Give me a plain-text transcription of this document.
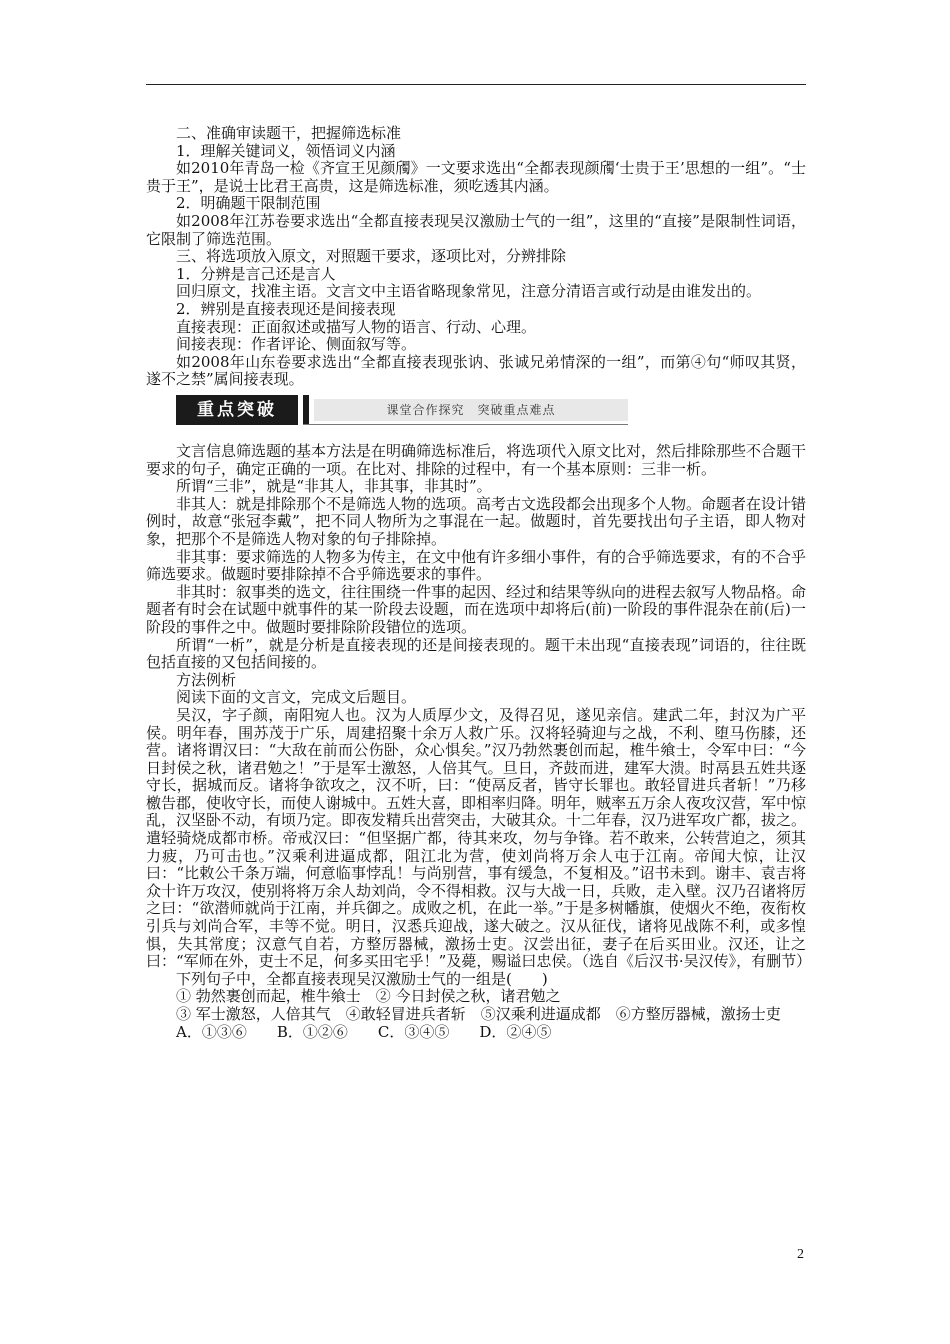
二、准确审读题干，把握筛选标准

1．理解关键词义，领悟词义内涵

如2010年青岛一检《齐宣王见颜斶》一文要求选出“全都表现颜斶‘士贵于王’思想的一组”。“士贵于王”，是说士比君王高贵，这是筛选标准，须吃透其内涵。

2．明确题干限制范围

如2008年江苏卷要求选出“全都直接表现吴汉激励士气的一组”，这里的“直接”是限制性词语，它限制了筛选范围。

三、将选项放入原文，对照题干要求，逐项比对，分辨排除

1．分辨是言己还是言人

回归原文，找准主语。文言文中主语省略现象常见，注意分清语言或行动是由谁发出的。

2．辨别是直接表现还是间接表现

直接表现：正面叙述或描写人物的语言、行动、心理。

间接表现：作者评论、侧面叙写等。

如2008年山东卷要求选出“全都直接表现张讷、张诚兄弟情深的一组”，而第④句“师叹其贤，遂不之禁”属间接表现。

重点突破	课堂合作探究　突破重点难点

文言信息筛选题的基本方法是在明确筛选标准后，将选项代入原文比对，然后排除那些不合题干要求的句子，确定正确的一项。在比对、排除的过程中，有一个基本原则：三非一析。

所谓“三非”，就是“非其人，非其事，非其时”。

非其人：就是排除那个不是筛选人物的选项。高考古文选段都会出现多个人物。命题者在设计错例时，故意“张冠李戴”，把不同人物所为之事混在一起。做题时，首先要找出句子主语，即人物对象，把那个不是筛选人物对象的句子排除掉。

非其事：要求筛选的人物多为传主，在文中他有许多细小事件，有的合乎筛选要求，有的不合乎筛选要求。做题时要排除掉不合乎筛选要求的事件。

非其时：叙事类的选文，往往围绕一件事的起因、经过和结果等纵向的进程去叙写人物品格。命题者有时会在试题中就事件的某一阶段去设题，而在选项中却将后(前)一阶段的事件混杂在前(后)一阶段的事件之中。做题时要排除阶段错位的选项。

所谓“一析”，就是分析是直接表现的还是间接表现的。题干未出现“直接表现”词语的，往往既包括直接的又包括间接的。

方法例析

阅读下面的文言文，完成文后题目。

吴汉，字子颜，南阳宛人也。汉为人质厚少文，及得召见，遂见亲信。建武二年，封汉为广平侯。明年春，围苏茂于广乐，周建招聚十余万人救广乐。汉将轻骑迎与之战，不利、堕马伤膝，还营。诸将谓汉曰：“大敌在前而公伤卧，众心惧矣。”汉乃勃然裹创而起，椎牛飨士，令军中曰：“今日封侯之秋，诸君勉之！”于是军士激怒，人倍其气。旦日，齐鼓而进，建军大溃。时鬲县五姓共逐守长，据城而反。诸将争欲攻之，汉不听，曰：“使鬲反者，皆守长罪也。敢轻冒进兵者斩！”乃移檄告郡，使收守长，而使人谢城中。五姓大喜，即相率归降。明年，贼率五万余人夜攻汉营，军中惊乱，汉坚卧不动，有顷乃定。即夜发精兵出营突击，大破其众。十二年春，汉乃进军攻广都，拔之。遣轻骑烧成都市桥。帝戒汉曰：“但坚据广都，待其来攻，勿与争锋。若不敢来，公转营迫之，须其力疲，乃可击也。”汉乘利进逼成都，阻江北为营，使刘尚将万余人屯于江南。帝闻大惊，让汉曰：“比敕公千条万端，何意临事悖乱！与尚别营，事有缓急，不复相及。”诏书未到。谢丰、袁吉将众十许万攻汉，使别将将万余人劫刘尚，令不得相救。汉与大战一日，兵败，走入壁。汉乃召诸将厉之曰：“欲潜师就尚于江南，并兵御之。成败之机，在此一举。”于是多树幡旗，使烟火不绝，夜衔枚引兵与刘尚合军，丰等不觉。明日，汉悉兵迎战，遂大破之。汉从征伐，诸将见战陈不利，或多惶惧，失其常度；汉意气自若，方整厉器械，激扬士吏。汉尝出征，妻子在后买田业。汉还，让之曰：“军师在外，吏士不足，何多买田宅乎！”及薨，赐谥曰忠侯。（选自《后汉书·吴汉传》，有删节）

下列句子中，全都直接表现吴汉激励士气的一组是(　　)

① 勃然裹创而起，椎牛飨士　② 今日封侯之秋，诸君勉之

③ 军士激怒，人倍其气　④敢轻冒进兵者斩　⑤汉乘利进逼成都　⑥方整厉器械，激扬士吏

A．①③⑥　　B．①②⑥　　C．③④⑤　　D．②④⑤

2
